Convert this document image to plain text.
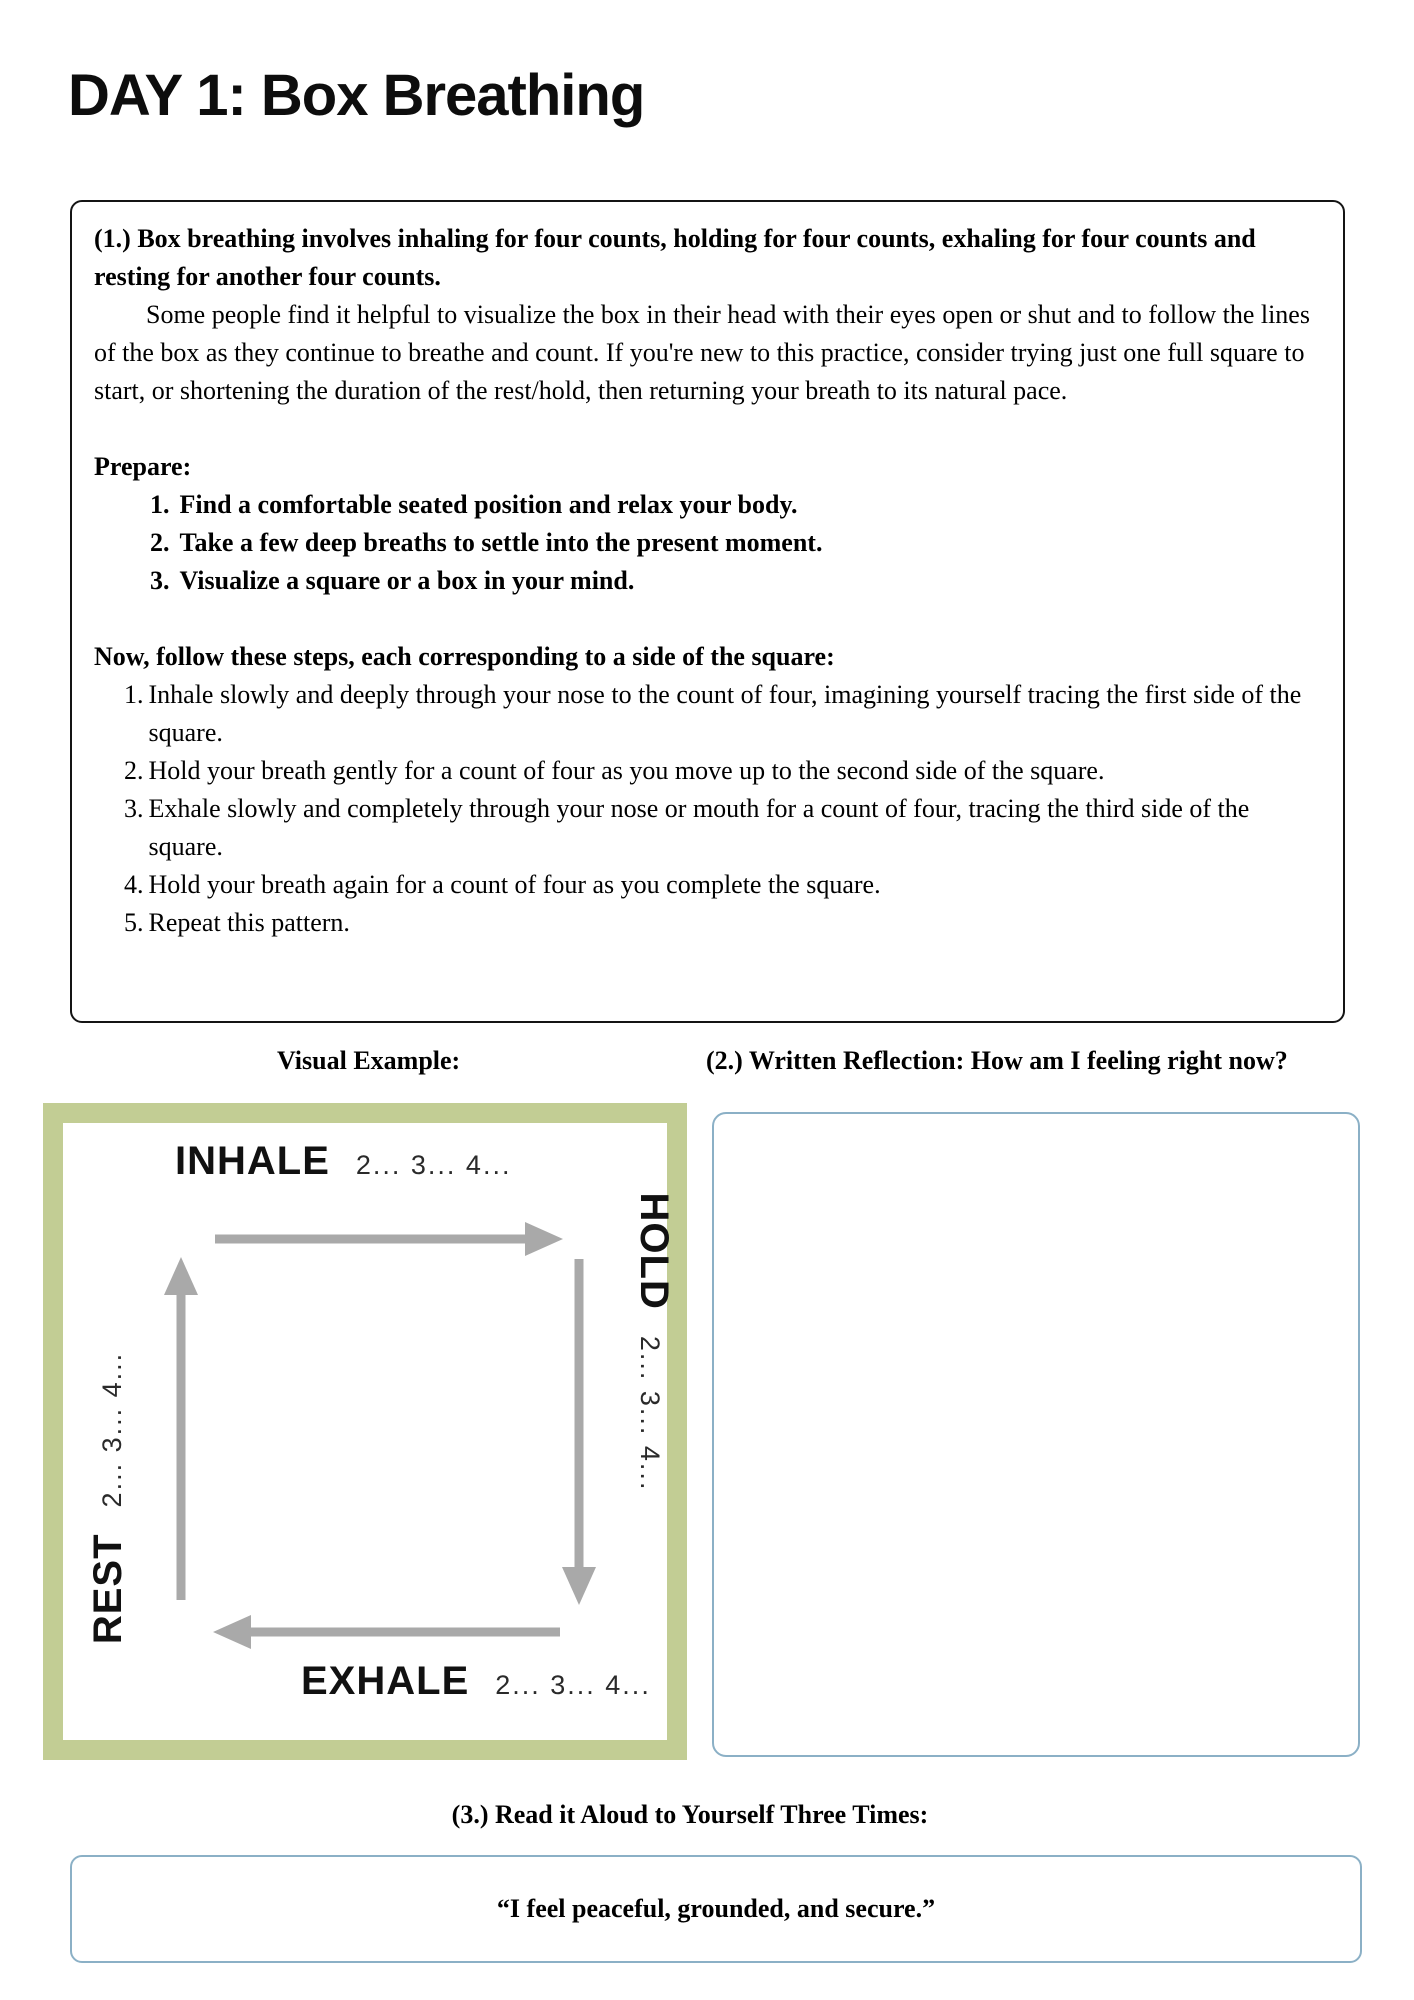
DAY 1: Box Breathing

(1.) Box breathing involves inhaling for four counts, holding for four counts, exhaling for four counts and resting for another four counts.

Some people find it helpful to visualize the box in their head with their eyes open or shut and to follow the lines of the box as they continue to breathe and count. If you're new to this practice, consider trying just one full square to start, or shortening the duration of the rest/hold, then returning your breath to its natural pace.

Prepare:

1. Find a comfortable seated position and relax your body.
2. Take a few deep breaths to settle into the present moment.
3. Visualize a square or a box in your mind.

Now, follow these steps, each corresponding to a side of the square:

1. Inhale slowly and deeply through your nose to the count of four, imagining yourself tracing the first side of the square.
2. Hold your breath gently for a count of four as you move up to the second side of the square.
3. Exhale slowly and completely through your nose or mouth for a count of four, tracing the third side of the square.
4. Hold your breath again for a count of four as you complete the square.
5. Repeat this pattern.
Visual Example:	(2.) Written Reflection: How am I feeling right now?
INHALE 2... 3... 4...
HOLD
2... 3... 4...
EXHALE 2... 3... 4...
REST
2... 3... 4...
(3.) Read it Aloud to Yourself Three Times:
“I feel peaceful, grounded, and secure.”
